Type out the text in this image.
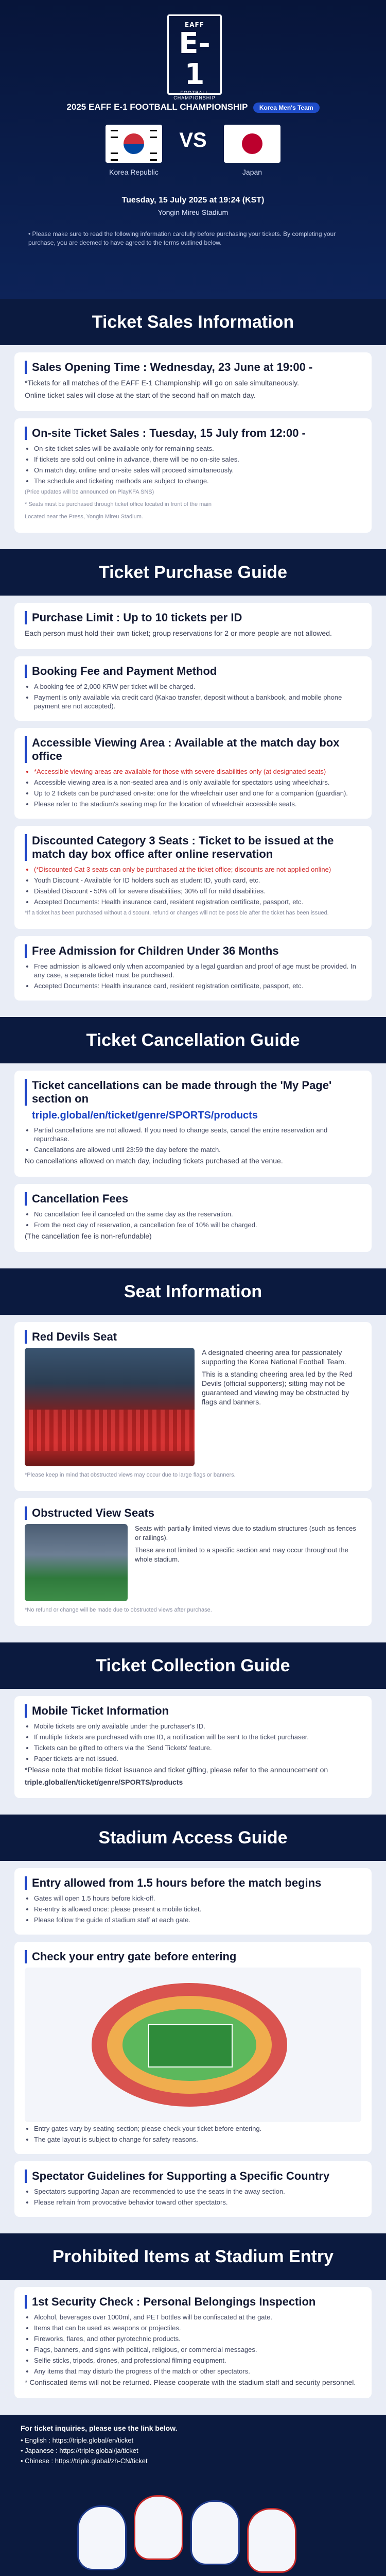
EAFF
E-1
FOOTBALL CHAMPIONSHIP
2025 EAFF E-1 FOOTBALL CHAMPIONSHIP Korea Men's Team
VS
Korea Republic	Japan
Tuesday, 15 July 2025 at 19:24 (KST)
Yongin Mireu Stadium
• Please make sure to read the following information carefully before purchasing your tickets. By completing your purchase, you are deemed to have agreed to the terms outlined below.
Ticket Sales Information
Sales Opening Time : Wednesday, 23 June at 19:00 -

*Tickets for all matches of the EAFF E-1 Championship will go on sale simultaneously.

Online ticket sales will close at the start of the second half on match day.

On-site Ticket Sales : Tuesday, 15 July from 12:00 -
• On-site ticket sales will be available only for remaining seats.
• If tickets are sold out online in advance, there will be no on-site sales.
• On match day, online and on-site sales will proceed simultaneously.
• The schedule and ticketing methods are subject to change.

(Price updates will be announced on PlayKFA SNS)

* Seats must be purchased through ticket office located in front of the main

Located near the Press, Yongin Mireu Stadium.

Ticket Purchase Guide
Purchase Limit : Up to 10 tickets per ID

Each person must hold their own ticket; group reservations for 2 or more people are not allowed.

Booking Fee and Payment Method
• A booking fee of 2,000 KRW per ticket will be charged.
• Payment is only available via credit card (Kakao transfer, deposit without a bankbook, and mobile phone payment are not accepted).
Accessible Viewing Area : Available at the match day box office
• *Accessible viewing areas are available for those with severe disabilities only (at designated seats)
• Accessible viewing area is a non-seated area and is only available for spectators using wheelchairs.
• Up to 2 tickets can be purchased on-site: one for the wheelchair user and one for a companion (guardian).
• Please refer to the stadium's seating map for the location of wheelchair accessible seats.
Discounted Category 3 Seats : Ticket to be issued at the match day box office after online reservation
• (*Discounted Cat 3 seats can only be purchased at the ticket office; discounts are not applied online)
• Youth Discount - Available for ID holders such as student ID, youth card, etc.
• Disabled Discount - 50% off for severe disabilities; 30% off for mild disabilities.
• Accepted Documents: Health insurance card, resident registration certificate, passport, etc.

*If a ticket has been purchased without a discount, refund or changes will not be possible after the ticket has been issued.

Free Admission for Children Under 36 Months
• Free admission is allowed only when accompanied by a legal guardian and proof of age must be provided. In any case, a separate ticket must be purchased.
• Accepted Documents: Health insurance card, resident registration certificate, passport, etc.
Ticket Cancellation Guide
Ticket cancellations can be made through the 'My Page' section on
triple.global/en/ticket/genre/SPORTS/products
• Partial cancellations are not allowed. If you need to change seats, cancel the entire reservation and repurchase.
• Cancellations are allowed until 23:59 the day before the match.

No cancellations allowed on match day, including tickets purchased at the venue.

Cancellation Fees
• No cancellation fee if canceled on the same day as the reservation.
• From the next day of reservation, a cancellation fee of 10% will be charged.

(The cancellation fee is non-refundable)

Seat Information
Red Devils Seat

A designated cheering area for passionately supporting the Korea National Football Team.

This is a standing cheering area led by the Red Devils (official supporters); sitting may not be guaranteed and viewing may be obstructed by flags and banners.

*Please keep in mind that obstructed views may occur due to large flags or banners.

Obstructed View Seats

Seats with partially limited views due to stadium structures (such as fences or railings).

These are not limited to a specific section and may occur throughout the whole stadium.

*No refund or change will be made due to obstructed views after purchase.

Ticket Collection Guide
Mobile Ticket Information
• Mobile tickets are only available under the purchaser's ID.
• If multiple tickets are purchased with one ID, a notification will be sent to the ticket purchaser.
• Tickets can be gifted to others via the 'Send Tickets' feature.
• Paper tickets are not issued.

*Please note that mobile ticket issuance and ticket gifting, please refer to the announcement on

triple.global/en/ticket/genre/SPORTS/products

Stadium Access Guide
Entry allowed from 1.5 hours before the match begins
• Gates will open 1.5 hours before kick-off.
• Re-entry is allowed once: please present a mobile ticket.
• Please follow the guide of stadium staff at each gate.
Check your entry gate before entering
• Entry gates vary by seating section; please check your ticket before entering.
• The gate layout is subject to change for safety reasons.
Spectator Guidelines for Supporting a Specific Country
• Spectators supporting Japan are recommended to use the seats in the away section.
• Please refrain from provocative behavior toward other spectators.
Prohibited Items at Stadium Entry
1st Security Check : Personal Belongings Inspection
• Alcohol, beverages over 1000ml, and PET bottles will be confiscated at the gate.
• Items that can be used as weapons or projectiles.
• Fireworks, flares, and other pyrotechnic products.
• Flags, banners, and signs with political, religious, or commercial messages.
• Selfie sticks, tripods, drones, and professional filming equipment.
• Any items that may disturb the progress of the match or other spectators.

* Confiscated items will not be returned. Please cooperate with the stadium staff and security personnel.

For ticket inquiries, please use the link below.
• English : https://triple.global/en/ticket
• Japanese : https://triple.global/ja/ticket
• Chinese : https://triple.global/zh-CN/ticket
